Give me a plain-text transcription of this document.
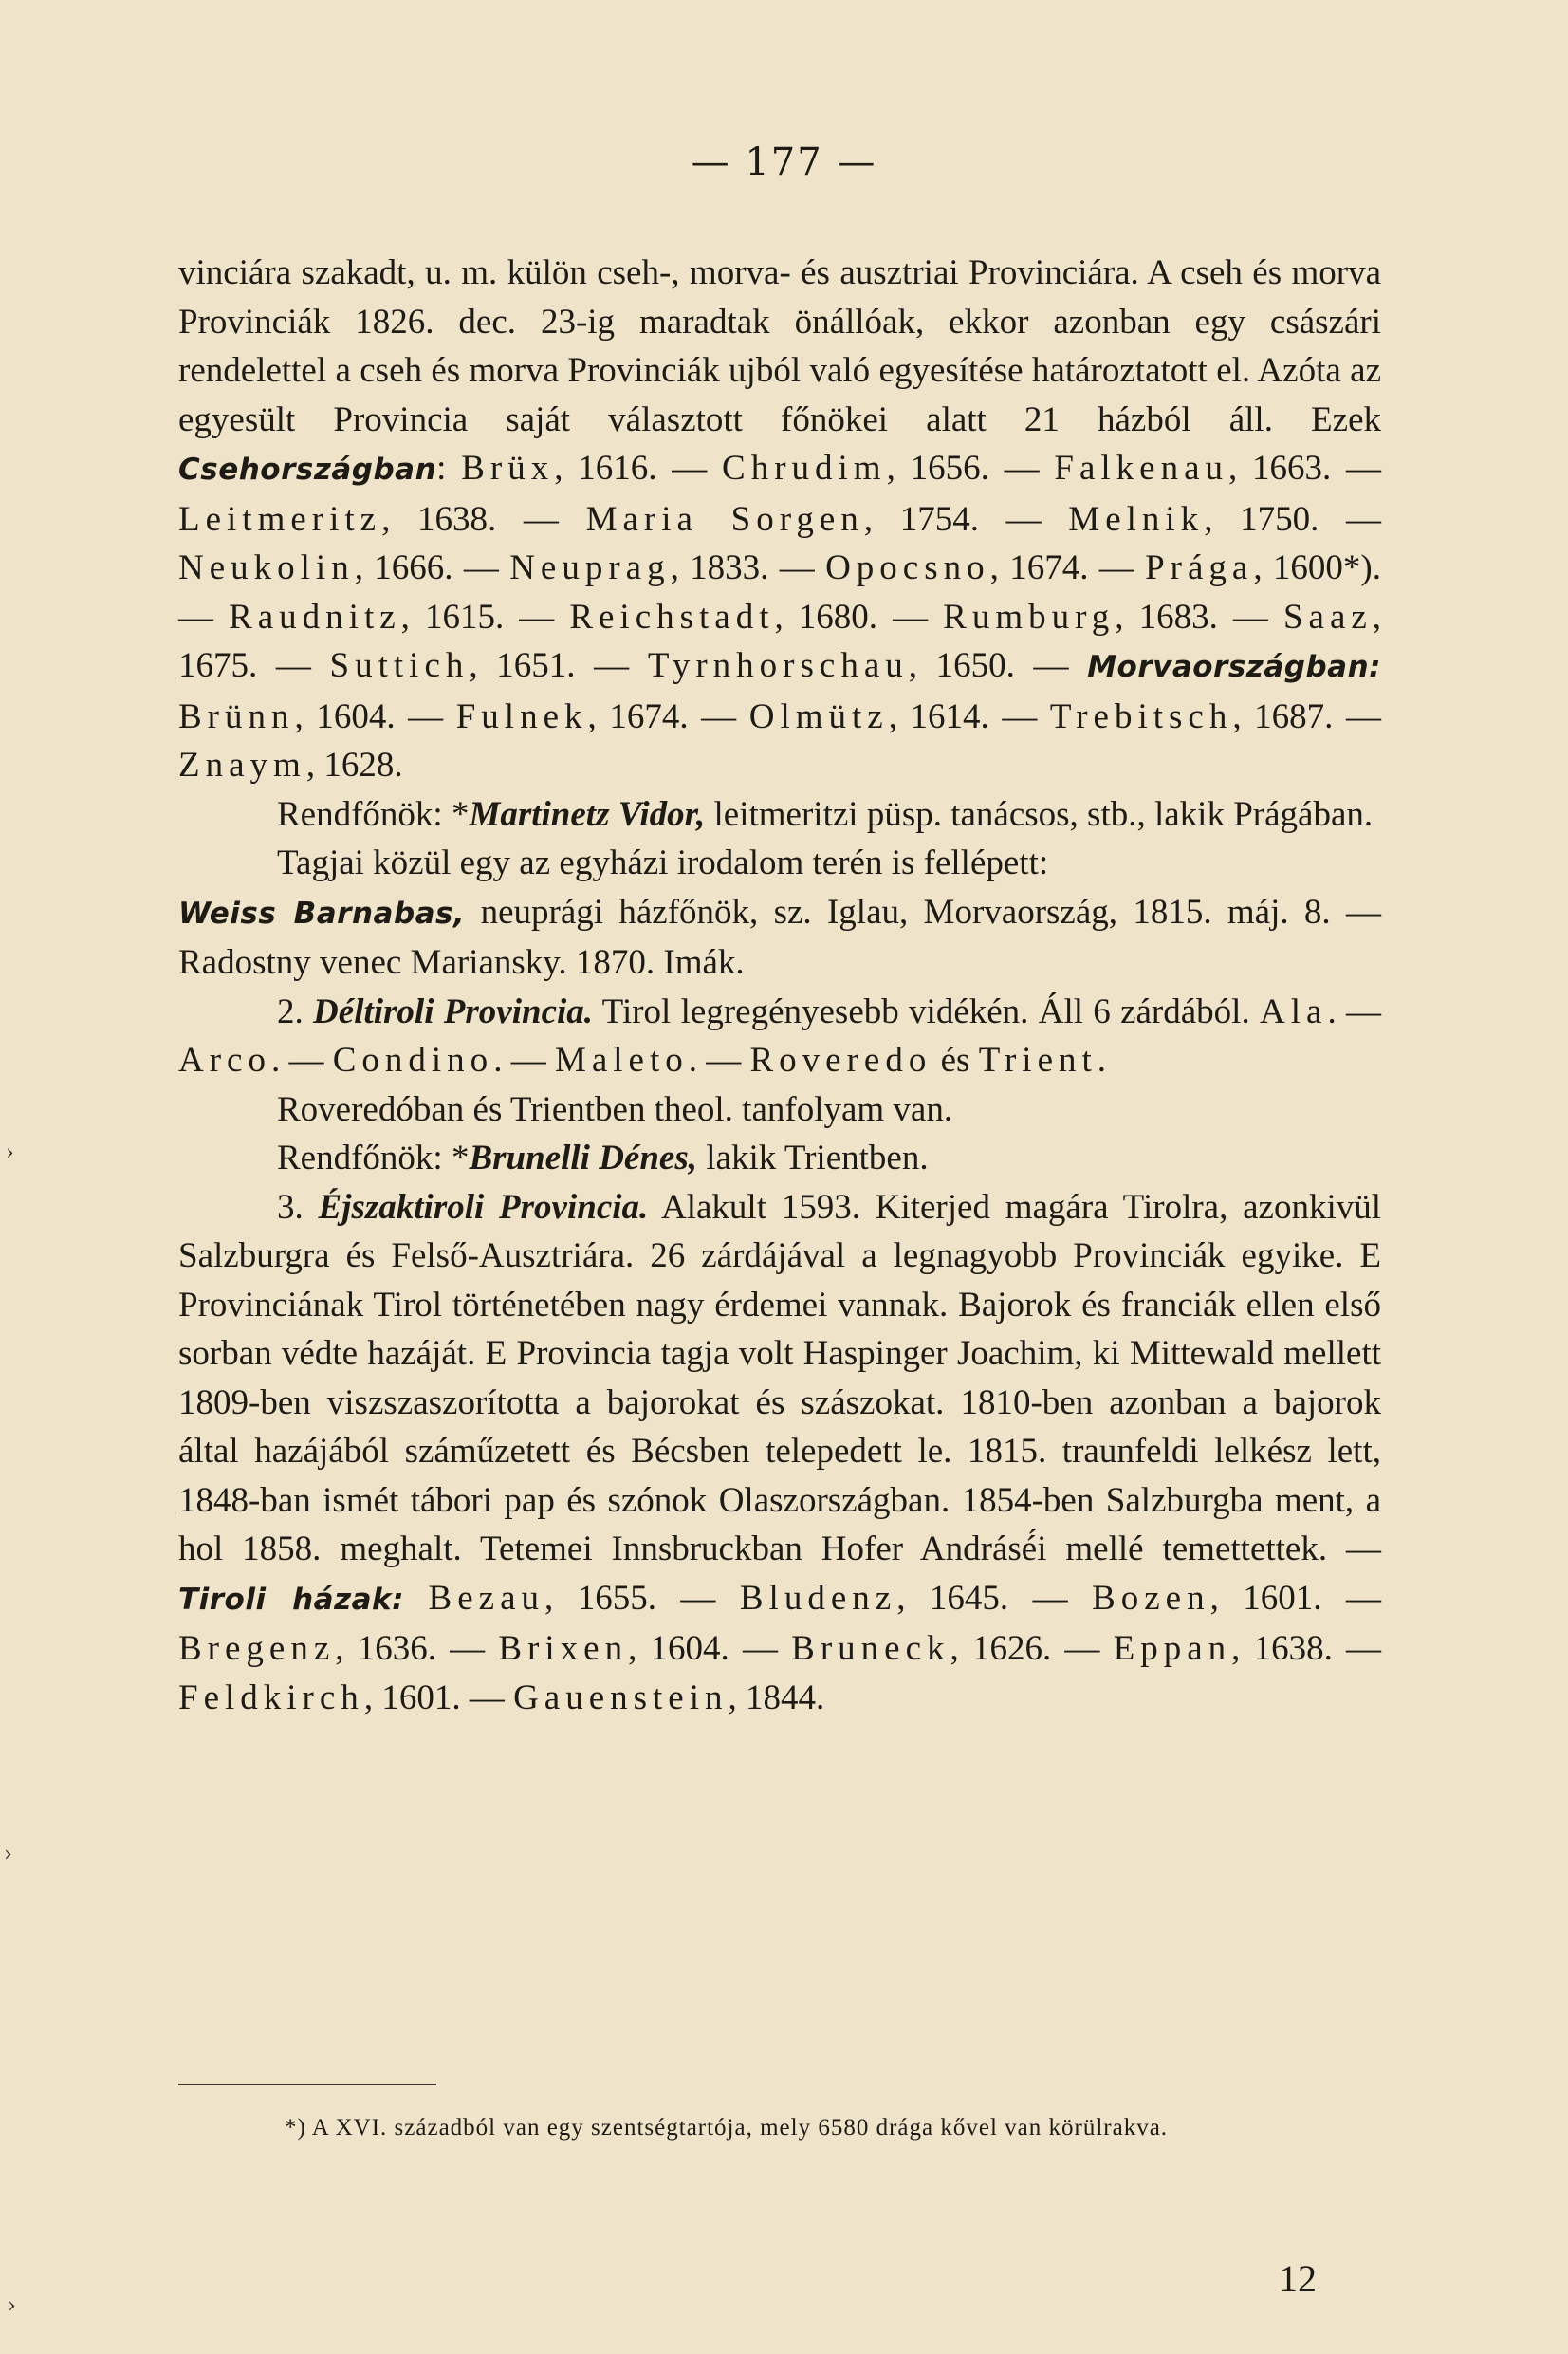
— 177 —

vinciára szakadt, u. m. külön cseh-, morva- és ausztriai Provinciára. A cseh és morva Provinciák 1826. dec. 23-ig maradtak önállóak, ekkor azonban egy császári rendelettel a cseh és morva Provinciák ujból való egyesítése határoztatott el. Azóta az egyesült Provincia saját választott főnökei alatt 21 házból áll. Ezek Csehországban: Brüx, 1616. — Chrudim, 1656. — Falkenau, 1663. — Leitmeritz, 1638. — Maria Sorgen, 1754. — Melnik, 1750. — Neukolin, 1666. — Neuprag, 1833. — Opocsno, 1674. — Prága, 1600*). — Raudnitz, 1615. — Reichstadt, 1680. — Rumburg, 1683. — Saaz, 1675. — Suttich, 1651. — Tyrnhorschau, 1650. — Morvaországban: Brünn, 1604. — Fulnek, 1674. — Olmütz, 1614. — Trebitsch, 1687. — Znaym, 1628.

Rendfőnök: *Martinetz Vidor, leitmeritzi püsp. tanácsos, stb., lakik Prágában.

Tagjai közül egy az egyházi irodalom terén is fellépett:

Weiss Barnabas, neuprági házfőnök, sz. Iglau, Morvaország, 1815. máj. 8. — Radostny venec Mariansky. 1870. Imák.

2. Déltiroli Provincia. Tirol legregényesebb vidékén. Áll 6 zárdából. Ala. — Arco. — Condino. — Maleto. — Roveredo és Trient.

Roveredóban és Trientben theol. tanfolyam van.

Rendfőnök: *Brunelli Dénes, lakik Trientben.

3. Éjszaktiroli Provincia. Alakult 1593. Kiterjed magára Tirolra, azonkivül Salzburgra és Felső-Ausztriára. 26 zárdájával a legnagyobb Provinciák egyike. E Provinciának Tirol történetében nagy érdemei vannak. Bajorok és franciák ellen első sorban védte hazáját. E Provincia tagja volt Haspinger Joachim, ki Mittewald mellett 1809-ben viszszaszorította a bajorokat és szászokat. 1810-ben azonban a bajorok által hazájából száműzetett és Bécsben telepedett le. 1815. traunfeldi lelkész lett, 1848-ban ismét tábori pap és szónok Olaszországban. 1854-ben Salzburgba ment, a hol 1858. meghalt. Tetemei Innsbruckban Hofer Andrásé́i mellé temettettek. — Tiroli házak: Bezau, 1655. — Bludenz, 1645. — Bozen, 1601. — Bregenz, 1636. — Brixen, 1604. — Bruneck, 1626. — Eppan, 1638. — Feldkirch, 1601. — Gauenstein, 1844.

*) A XVI. századból van egy szentségtartója, mely 6580 drága kővel van körülrakva.

12
›
›
›
